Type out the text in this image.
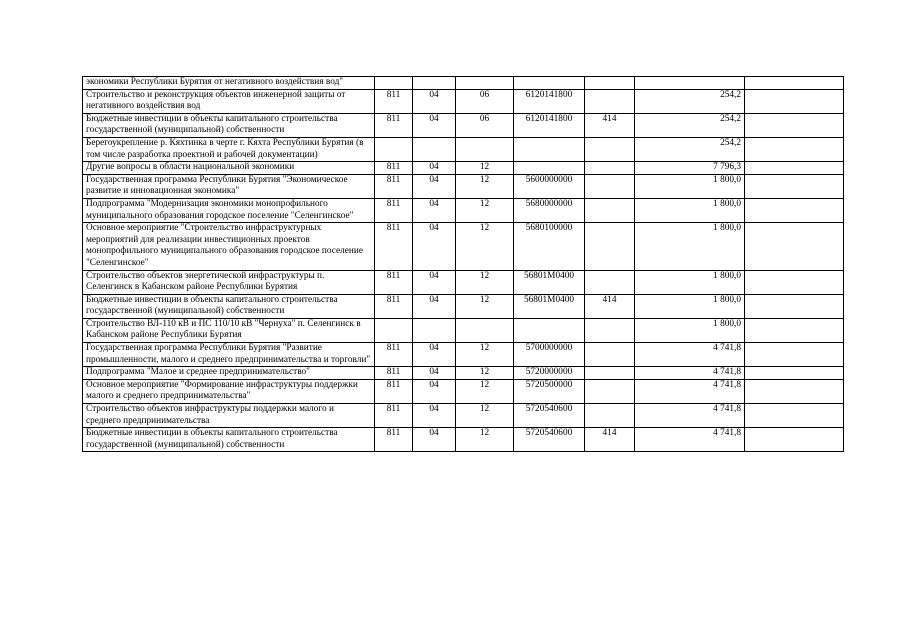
экономики Республики Бурятия от негативного воздействия вод"							
Строительство и реконструкция объектов инженерной защиты от негативного воздействия вод	811	04	06	6120141800		254,2	
Бюджетные инвестиции в объекты капитального строительства государственной (муниципальной) собственности	811	04	06	6120141800	414	254,2	
Берегоукрепление р. Кяхтинка в черте г. Кяхта Республики Бурятия (в том числе разработка проектной и рабочей документации)						254,2	
Другие вопросы в области национальной экономики	811	04	12			7 796,3	
Государственная программа Республики Бурятия "Экономическое развитие и инновационная экономика"	811	04	12	5600000000		1 800,0	
Подпрограмма "Модернизация экономики монопрофильного муниципального образования городское поселение "Селенгинское"	811	04	12	5680000000		1 800,0	
Основное мероприятие "Строительство инфраструктурных мероприятий для реализации инвестиционных проектов монопрофильного муниципального образования городское поселение "Селенгинское"	811	04	12	5680100000		1 800,0	
Строительство объектов энергетической инфраструктуры п. Селенгинск в Кабанском районе Республики Бурятия	811	04	12	56801M0400		1 800,0	
Бюджетные инвестиции в объекты капитального строительства государственной (муниципальной) собственности	811	04	12	56801M0400	414	1 800,0	
Строительство ВЛ-110 кВ и ПС 110/10 кВ "Чернуха" п. Селенгинск в Кабанском районе Республики Бурятия						1 800,0	
Государственная программа Республики Бурятия "Развитие промышленности, малого и среднего предпринимательства и торговли"	811	04	12	5700000000		4 741,8	
Подпрограмма "Малое и среднее предпринимательство"	811	04	12	5720000000		4 741,8	
Основное мероприятие "Формирование инфраструктуры поддержки малого и среднего предпринимательства"	811	04	12	5720500000		4 741,8	
Строительство объектов инфраструктуры поддержки малого и среднего предпринимательства	811	04	12	5720540600		4 741,8	
Бюджетные инвестиции в объекты капитального строительства государственной (муниципальной) собственности	811	04	12	5720540600	414	4 741,8	
